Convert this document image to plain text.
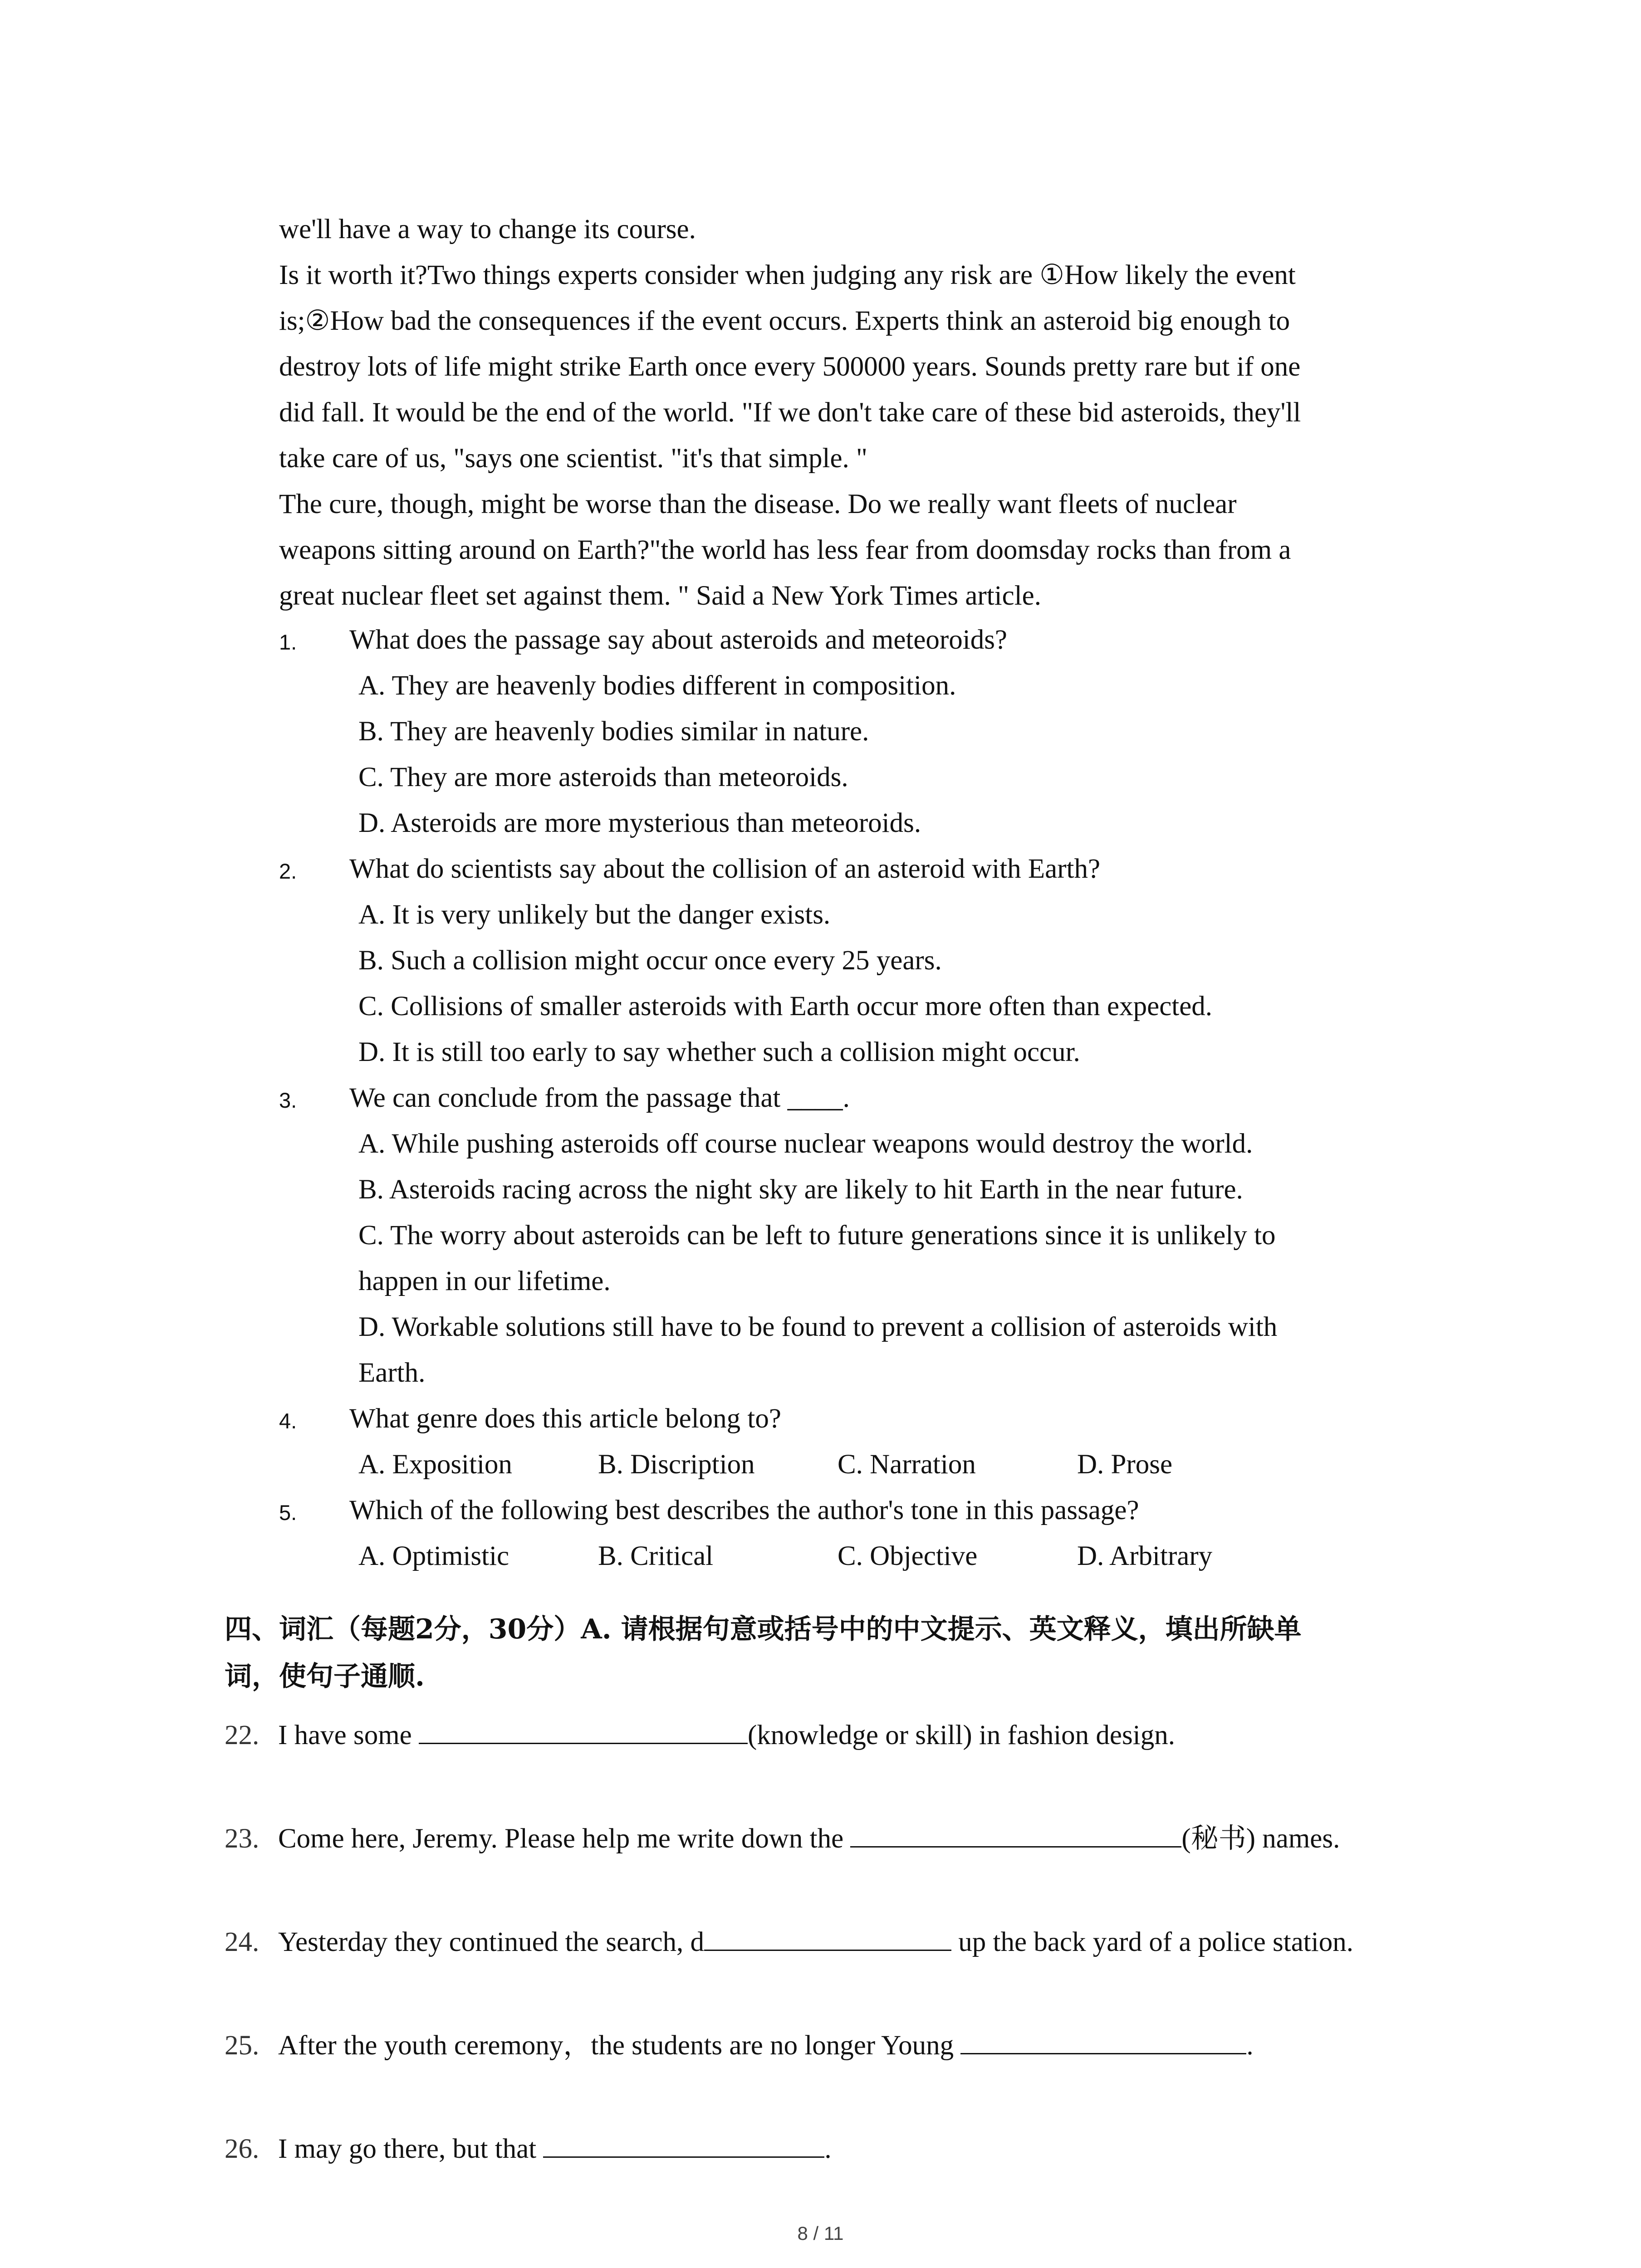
we'll have a way to change its course.
Is it worth it?Two things experts consider when judging any risk are ①How likely the event
is;②How bad the consequences if the event occurs. Experts think an asteroid big enough to
destroy lots of life might strike Earth once every 500000 years. Sounds pretty rare but if one
did fall. It would be the end of the world. "If we don't take care of these bid asteroids, they'll
take care of us, "says one scientist. "it's that simple. "
The cure, though, might be worse than the disease. Do we really want fleets of nuclear
weapons sitting around on Earth?"the world has less fear from doomsday rocks than from a
great nuclear fleet set against them. " Said a New York Times article.
1. What does the passage say about asteroids and meteoroids?
A. They are heavenly bodies different in composition.
B. They are heavenly bodies similar in nature.
C. They are more asteroids than meteoroids.
D. Asteroids are more mysterious than meteoroids.
2. What do scientists say about the collision of an asteroid with Earth?
A. It is very unlikely but the danger exists.
B. Such a collision might occur once every 25 years.
C. Collisions of smaller asteroids with Earth occur more often than expected.
D. It is still too early to say whether such a collision might occur.
3. We can conclude from the passage that ____.
A. While pushing asteroids off course nuclear weapons would destroy the world.
B. Asteroids racing across the night sky are likely to hit Earth in the near future.
C. The worry about asteroids can be left to future generations since it is unlikely to
happen in our lifetime.
D. Workable solutions still have to be found to prevent a collision of asteroids with
Earth.
4. What genre does this article belong to?
A. Exposition	B. Discription	C. Narration	D. Prose
5. Which of the following best describes the author's tone in this passage?
A. Optimistic	B. Critical	C. Objective	D. Arbitrary
四、词汇（每题2分，30分）A. 请根据句意或括号中的中文提示、英文释义，填出所缺单
词，使句子通顺.
22. I have some	(knowledge or skill) in fashion design.
23. Come here, Jeremy. Please help me write down the	(秘书) names.
24. Yesterday they continued the search, d	up the back yard of a police station.
25. After the youth ceremony，the students are no longer Young	.
26. I may go there, but that	.
8 / 11
